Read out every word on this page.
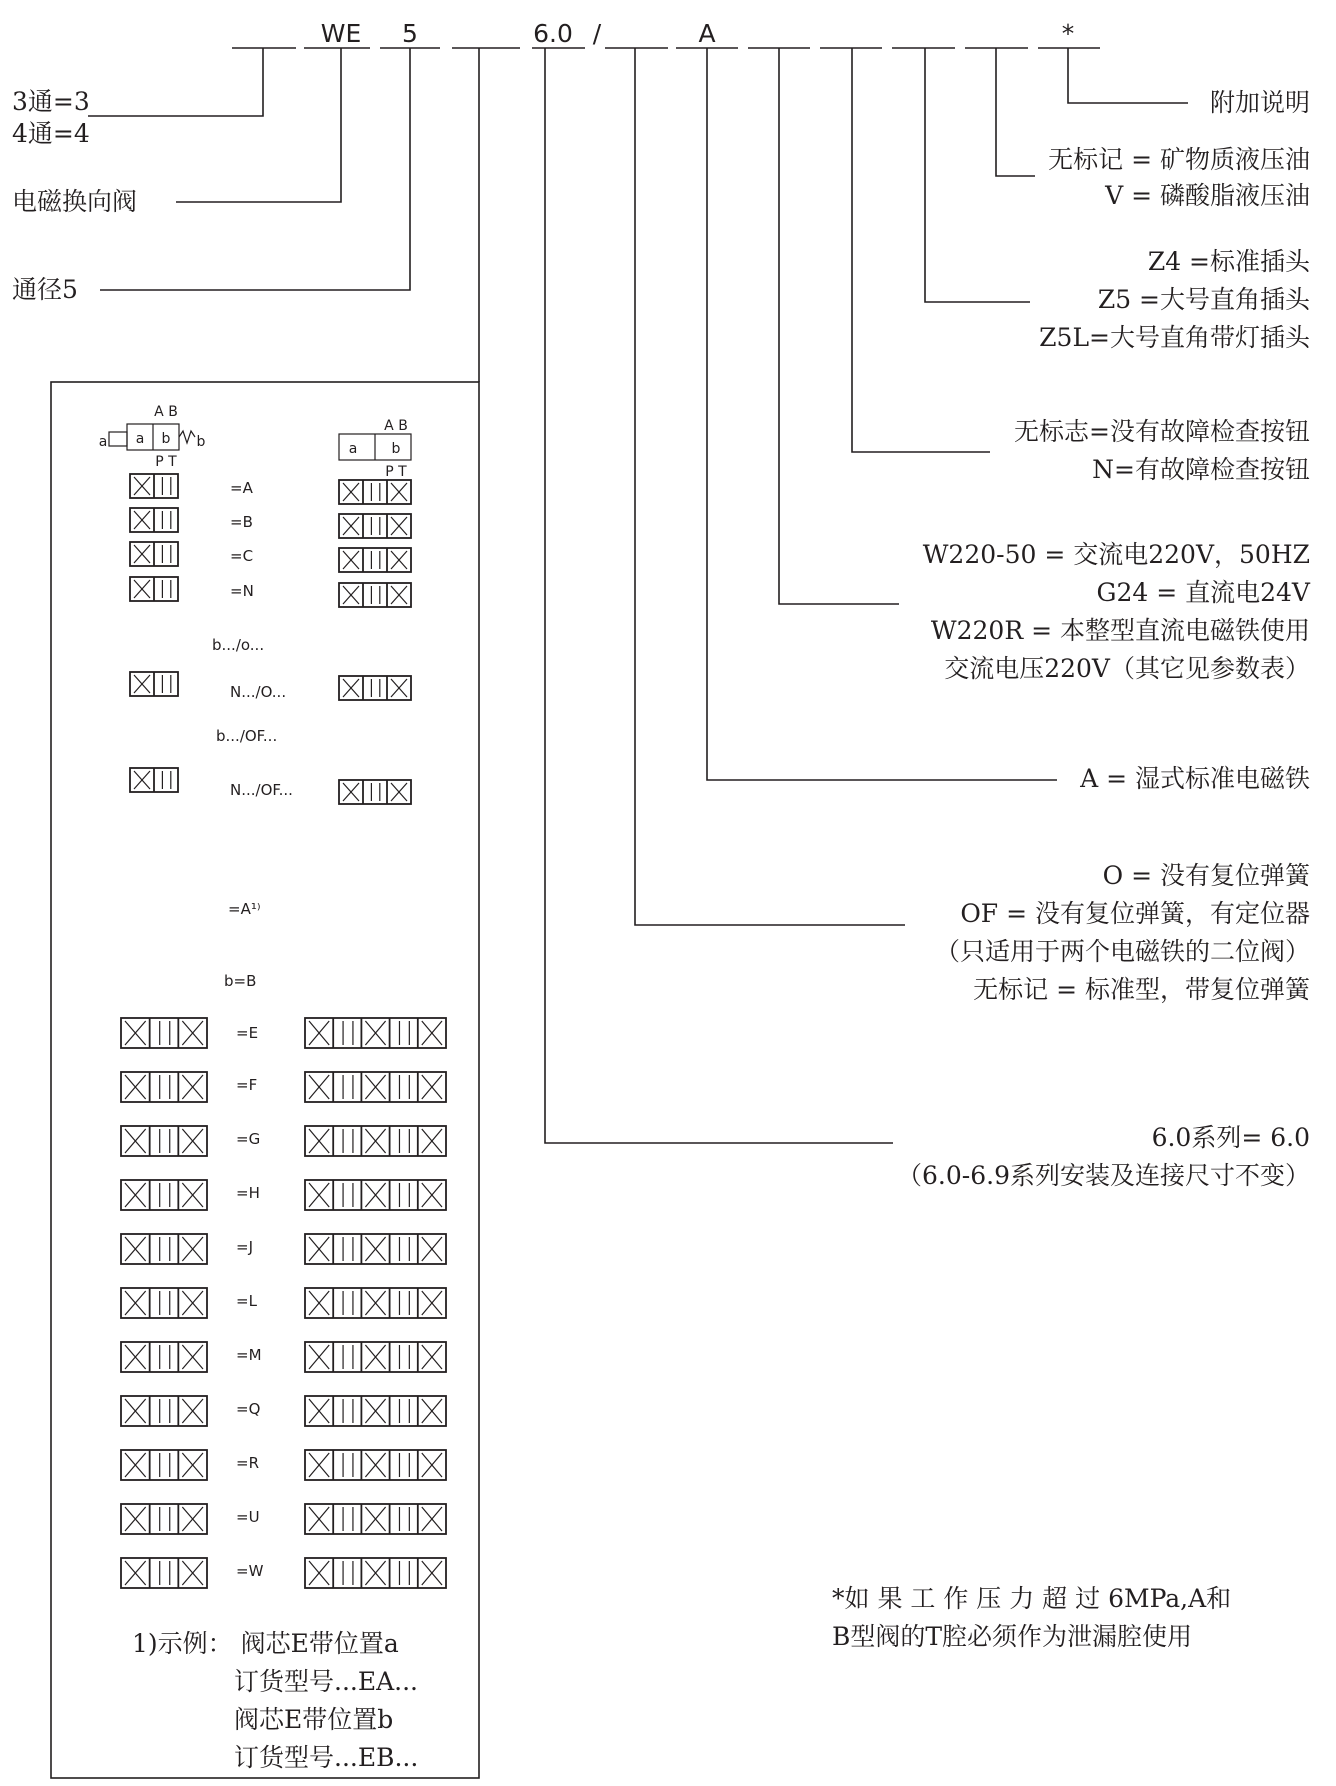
WE 5	6.0 /	A	*
3通=3
4通=4
电磁换向阀
通径5
附加说明
无标记 = 矿物质液压油
V = 磷酸脂液压油
Z4 =标准插头
Z5 =大号直角插头
Z5L=大号直角带灯插头
无标志=没有故障检查按钮
N=有故障检查按钮
W220-50 = 交流电220V，50HZ
G24 = 直流电24V
W220R = 本整型直流电磁铁使用
交流电压220V（其它见参数表）
A = 湿式标准电磁铁
O = 没有复位弹簧
OF = 没有复位弹簧，有定位器
（只适用于两个电磁铁的二位阀）
无标记 = 标准型，带复位弹簧
6.0系列= 6.0
（6.0-6.9系列安装及连接尺寸不变）
*如 果 工 作 压 力 超 过 6MPa,A和
B型阀的T腔必须作为泄漏腔使用
A B
a a b b
P T
A B
a b
P T
=A
=B
=C
=N
b.../o...
N.../O...
b.../OF...
N.../OF...
=A¹⁾
b=B
=E
=F
=G
=H
=J
=L
=M
=Q
=R
=U
=W
1)示例： 阀芯E带位置a
订货型号...EA...
阀芯E带位置b
订货型号...EB...
